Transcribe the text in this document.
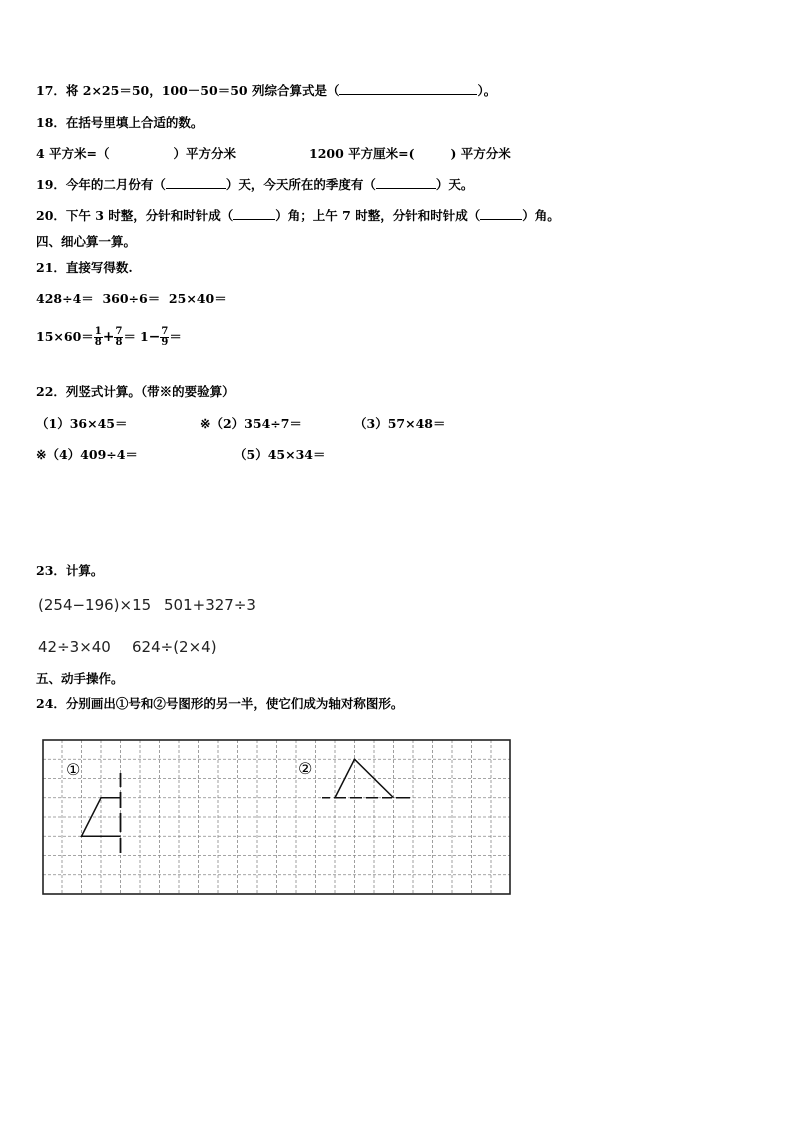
17．将 2×25＝50，100－50＝50 列综合算式是（	）。
18．在括号里填上合适的数。
4 平方米=（	）平方分米	1200 平方厘米=(	) 平方分米
19．今年的二月份有（	）天，今天所在的季度有（	）天。
20．下午 3 时整，分针和时针成（	）角；上午 7 时整，分针和时针成（	）角。
四、细心算一算。
21．直接写得数.
428÷4＝  360÷6＝  25×40＝
$15\times 60= \frac{1}{8} + \frac{7}{8} = 1 - \frac{7}{9}$ ＝
22．列竖式计算。（带※的要验算）
（1）36×45＝	※（2）354÷7＝	（3）57×48＝
※（4）409÷4＝	（5）45×34＝
23．计算。
(254−196)×15 501+327÷3
42÷3×40 624÷(2×4)
五、动手操作。
24．分别画出①号和②号图形的另一半，使它们成为轴对称图形。
①	②
